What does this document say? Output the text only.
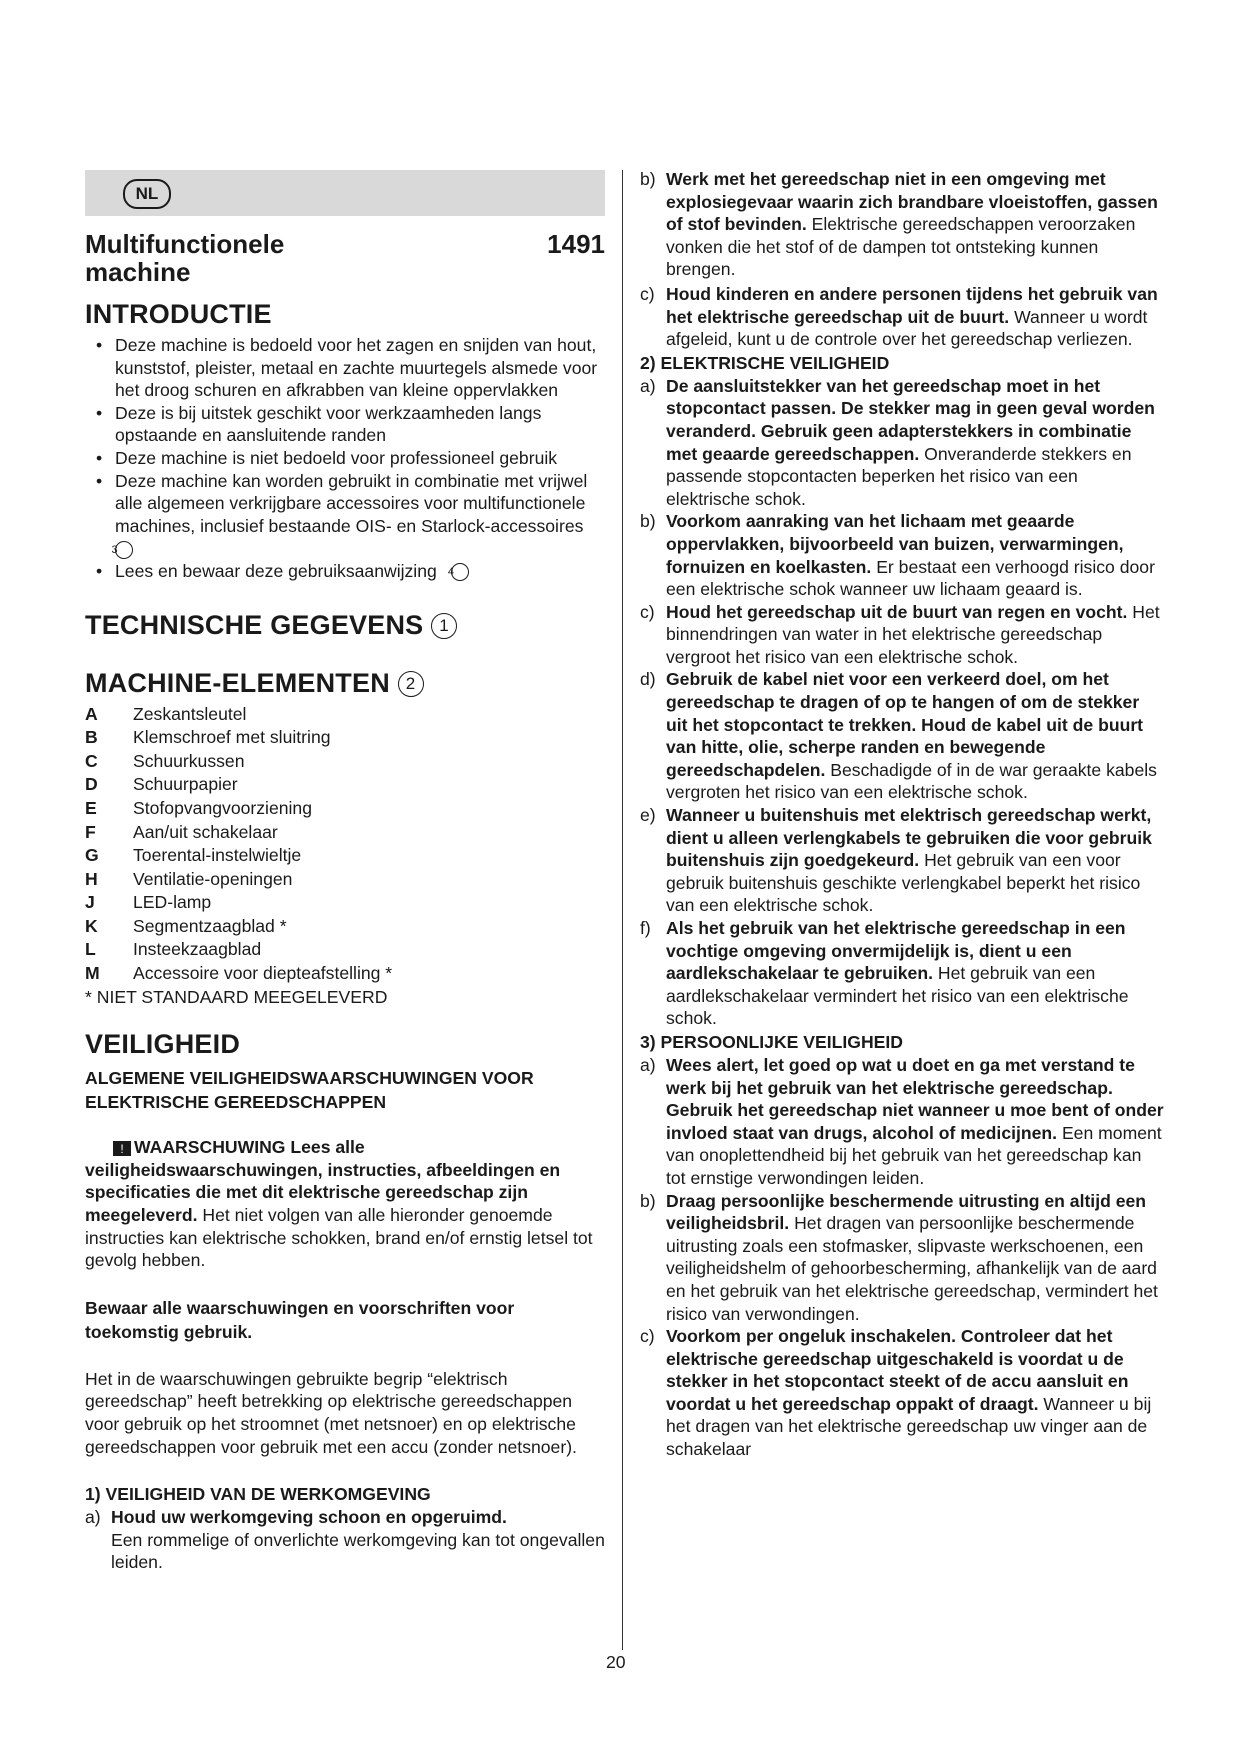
NL
Multifunctionele machine
1491
INTRODUCTIE
• Deze machine is bedoeld voor het zagen en snijden van hout, kunststof, pleister, metaal en zachte muurtegels alsmede voor het droog schuren en afkrabben van kleine oppervlakken
• Deze is bij uitstek geschikt voor werkzaamheden langs opstaande en aansluitende randen
• Deze machine is niet bedoeld voor professioneel gebruik
• Deze machine kan worden gebruikt in combinatie met vrijwel alle algemeen verkrijgbare accessoires voor multifunctionele machines, inclusief bestaande OIS- en Starlock-accessoires 3
• Lees en bewaar deze gebruiksaanwijzing 4
TECHNISCHE GEGEVENS 1
MACHINE-ELEMENTEN 2
A	Zeskantsleutel
B	Klemschroef met sluitring
C	Schuurkussen
D	Schuurpapier
E	Stofopvangvoorziening
F	Aan/uit schakelaar
G	Toerental-instelwieltje
H	Ventilatie-openingen
J	LED-lamp
K	Segmentzaagblad *
L	Insteekzaagblad
M	Accessoire voor diepteafstelling *
* NIET STANDAARD MEEGELEVERD
VEILIGHEID
ALGEMENE VEILIGHEIDSWAARSCHUWINGEN VOOR ELEKTRISCHE GEREEDSCHAPPEN
! WAARSCHUWING Lees alle veiligheidswaarschuwingen, instructies, afbeeldingen en specificaties die met dit elektrische gereedschap zijn meegeleverd. Het niet volgen van alle hieronder genoemde instructies kan elektrische schokken, brand en/of ernstig letsel tot gevolg hebben.
Bewaar alle waarschuwingen en voorschriften voor toekomstig gebruik.
Het in de waarschuwingen gebruikte begrip “elektrisch gereedschap” heeft betrekking op elektrische gereedschappen voor gebruik op het stroomnet (met netsnoer) en op elektrische gereedschappen voor gebruik met een accu (zonder netsnoer).
1) VEILIGHEID VAN DE WERKOMGEVING
a) Houd uw werkomgeving schoon en opgeruimd.
Een rommelige of onverlichte werkomgeving kan tot ongevallen leiden.
b) Werk met het gereedschap niet in een omgeving met explosiegevaar waarin zich brandbare vloeistoffen, gassen of stof bevinden. Elektrische gereedschappen veroorzaken vonken die het stof of de dampen tot ontsteking kunnen brengen.
c) Houd kinderen en andere personen tijdens het gebruik van het elektrische gereedschap uit de buurt. Wanneer u wordt afgeleid, kunt u de controle over het gereedschap verliezen.
2) ELEKTRISCHE VEILIGHEID
a) De aansluitstekker van het gereedschap moet in het stopcontact passen. De stekker mag in geen geval worden veranderd. Gebruik geen adapterstekkers in combinatie met geaarde gereedschappen. Onveranderde stekkers en passende stopcontacten beperken het risico van een elektrische schok.
b) Voorkom aanraking van het lichaam met geaarde oppervlakken, bijvoorbeeld van buizen, verwarmingen, fornuizen en koelkasten. Er bestaat een verhoogd risico door een elektrische schok wanneer uw lichaam geaard is.
c) Houd het gereedschap uit de buurt van regen en vocht. Het binnendringen van water in het elektrische gereedschap vergroot het risico van een elektrische schok.
d) Gebruik de kabel niet voor een verkeerd doel, om het gereedschap te dragen of op te hangen of om de stekker uit het stopcontact te trekken. Houd de kabel uit de buurt van hitte, olie, scherpe randen en bewegende gereedschapdelen. Beschadigde of in de war geraakte kabels vergroten het risico van een elektrische schok.
e) Wanneer u buitenshuis met elektrisch gereedschap werkt, dient u alleen verlengkabels te gebruiken die voor gebruik buitenshuis zijn goedgekeurd. Het gebruik van een voor gebruik buitenshuis geschikte verlengkabel beperkt het risico van een elektrische schok.
f) Als het gebruik van het elektrische gereedschap in een vochtige omgeving onvermijdelijk is, dient u een aardlekschakelaar te gebruiken. Het gebruik van een aardlekschakelaar vermindert het risico van een elektrische schok.
3) PERSOONLIJKE VEILIGHEID
a) Wees alert, let goed op wat u doet en ga met verstand te werk bij het gebruik van het elektrische gereedschap. Gebruik het gereedschap niet wanneer u moe bent of onder invloed staat van drugs, alcohol of medicijnen. Een moment van onoplettendheid bij het gebruik van het gereedschap kan tot ernstige verwondingen leiden.
b) Draag persoonlijke beschermende uitrusting en altijd een veiligheidsbril. Het dragen van persoonlijke beschermende uitrusting zoals een stofmasker, slipvaste werkschoenen, een veiligheidshelm of gehoorbescherming, afhankelijk van de aard en het gebruik van het elektrische gereedschap, vermindert het risico van verwondingen.
c) Voorkom per ongeluk inschakelen. Controleer dat het elektrische gereedschap uitgeschakeld is voordat u de stekker in het stopcontact steekt of de accu aansluit en voordat u het gereedschap oppakt of draagt. Wanneer u bij het dragen van het elektrische gereedschap uw vinger aan de schakelaar
20
